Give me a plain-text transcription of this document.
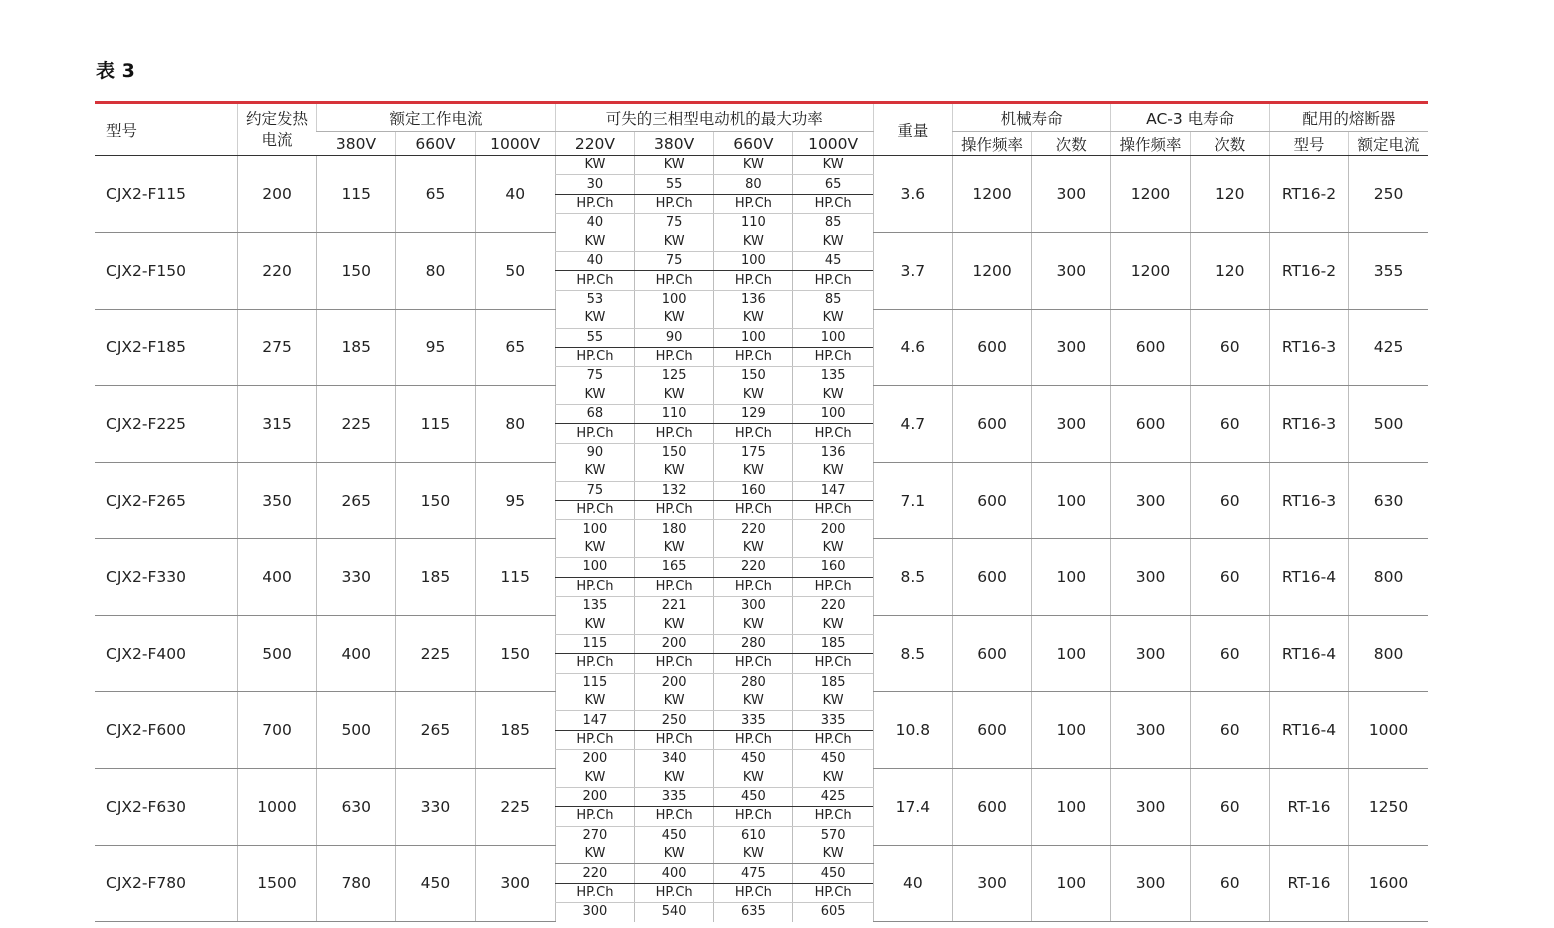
表 3
型号	约定发热
电流	额定工作电流			可失的三相型电动机的最大功率				重量	机械寿命		AC-3 电寿命		配用的熔断器	
		380V	660V	1000V	220V	380V	660V	1000V		操作频率	次数	操作频率	次数	型号	额定电流
CJX2-F115	200	115	65	40	KW	KW	KW	KW	3.6	1200	300	1200	120	RT16-2	250
					30	55	80	65							
					HP.Ch	HP.Ch	HP.Ch	HP.Ch							
					40	75	110	85							
CJX2-F150	220	150	80	50	KW	KW	KW	KW	3.7	1200	300	1200	120	RT16-2	355
					40	75	100	45							
					HP.Ch	HP.Ch	HP.Ch	HP.Ch							
					53	100	136	85							
CJX2-F185	275	185	95	65	KW	KW	KW	KW	4.6	600	300	600	60	RT16-3	425
					55	90	100	100							
					HP.Ch	HP.Ch	HP.Ch	HP.Ch							
					75	125	150	135							
CJX2-F225	315	225	115	80	KW	KW	KW	KW	4.7	600	300	600	60	RT16-3	500
					68	110	129	100							
					HP.Ch	HP.Ch	HP.Ch	HP.Ch							
					90	150	175	136							
CJX2-F265	350	265	150	95	KW	KW	KW	KW	7.1	600	100	300	60	RT16-3	630
					75	132	160	147							
					HP.Ch	HP.Ch	HP.Ch	HP.Ch							
					100	180	220	200							
CJX2-F330	400	330	185	115	KW	KW	KW	KW	8.5	600	100	300	60	RT16-4	800
					100	165	220	160							
					HP.Ch	HP.Ch	HP.Ch	HP.Ch							
					135	221	300	220							
CJX2-F400	500	400	225	150	KW	KW	KW	KW	8.5	600	100	300	60	RT16-4	800
					115	200	280	185							
					HP.Ch	HP.Ch	HP.Ch	HP.Ch							
					115	200	280	185							
CJX2-F600	700	500	265	185	KW	KW	KW	KW	10.8	600	100	300	60	RT16-4	1000
					147	250	335	335							
					HP.Ch	HP.Ch	HP.Ch	HP.Ch							
					200	340	450	450							
CJX2-F630	1000	630	330	225	KW	KW	KW	KW	17.4	600	100	300	60	RT-16	1250
					200	335	450	425							
					HP.Ch	HP.Ch	HP.Ch	HP.Ch							
					270	450	610	570							
CJX2-F780	1500	780	450	300	KW	KW	KW	KW	40	300	100	300	60	RT-16	1600
					220	400	475	450							
					HP.Ch	HP.Ch	HP.Ch	HP.Ch							
					300	540	635	605							
